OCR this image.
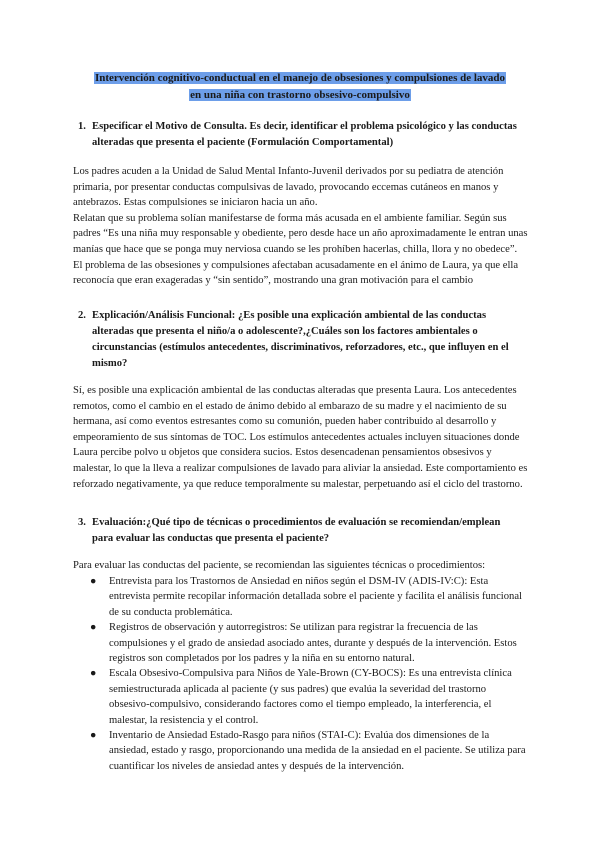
Intervención cognitivo-conductual en el manejo de obsesiones y compulsiones de lavado
en una niña con trastorno obsesivo-compulsivo
1. Especificar el Motivo de Consulta. Es decir, identificar el problema psicológico y las conductas alteradas que presenta el paciente (Formulación Comportamental)

Los padres acuden a la Unidad de Salud Mental Infanto-Juvenil derivados por su pediatra de atención primaria, por presentar conductas compulsivas de lavado, provocando eccemas cutáneos en manos y antebrazos. Estas compulsiones se iniciaron hacia un año.

Relatan que su problema solían manifestarse de forma más acusada en el ambiente familiar. Según sus padres “Es una niña muy responsable y obediente, pero desde hace un año aproximadamente le entran unas manías que hace que se ponga muy nerviosa cuando se les prohíben hacerlas, chilla, llora y no obedece”. El problema de las obsesiones y compulsiones afectaban acusadamente en el ánimo de Laura, ya que ella reconocía que eran exageradas y “sin sentido”, mostrando una gran motivación para el cambio

2. Explicación/Análisis Funcional: ¿Es posible una explicación ambiental de las conductas alteradas que presenta el niño/a o adolescente?,¿Cuáles son los factores ambientales o circunstancias (estímulos antecedentes, discriminativos, reforzadores, etc., que influyen en el mismo?

Sí, es posible una explicación ambiental de las conductas alteradas que presenta Laura. Los antecedentes remotos, como el cambio en el estado de ánimo debido al embarazo de su madre y el nacimiento de su hermana, así como eventos estresantes como su comunión, pueden haber contribuido al desarrollo y empeoramiento de sus síntomas de TOC. Los estímulos antecedentes actuales incluyen situaciones donde Laura percibe polvo u objetos que considera sucios. Estos desencadenan pensamientos obsesivos y malestar, lo que la lleva a realizar compulsiones de lavado para aliviar la ansiedad. Este comportamiento es reforzado negativamente, ya que reduce temporalmente su malestar, perpetuando así el ciclo del trastorno.

3. Evaluación:¿Qué tipo de técnicas o procedimientos de evaluación se recomiendan/emplean para evaluar las conductas que presenta el paciente?

Para evaluar las conductas del paciente, se recomiendan las siguientes técnicas o procedimientos:

● Entrevista para los Trastornos de Ansiedad en niños según el DSM-IV (ADIS-IV:C): Esta entrevista permite recopilar información detallada sobre el paciente y facilita el análisis funcional de su conducta problemática.
● Registros de observación y autorregistros: Se utilizan para registrar la frecuencia de las compulsiones y el grado de ansiedad asociado antes, durante y después de la intervención. Estos registros son completados por los padres y la niña en su entorno natural.
● Escala Obsesivo-Compulsiva para Niños de Yale-Brown (CY-BOCS): Es una entrevista clínica semiestructurada aplicada al paciente (y sus padres) que evalúa la severidad del trastorno obsesivo-compulsivo, considerando factores como el tiempo empleado, la interferencia, el malestar, la resistencia y el control.
● Inventario de Ansiedad Estado-Rasgo para niños (STAI-C): Evalúa dos dimensiones de la ansiedad, estado y rasgo, proporcionando una medida de la ansiedad en el paciente. Se utiliza para cuantificar los niveles de ansiedad antes y después de la intervención.
